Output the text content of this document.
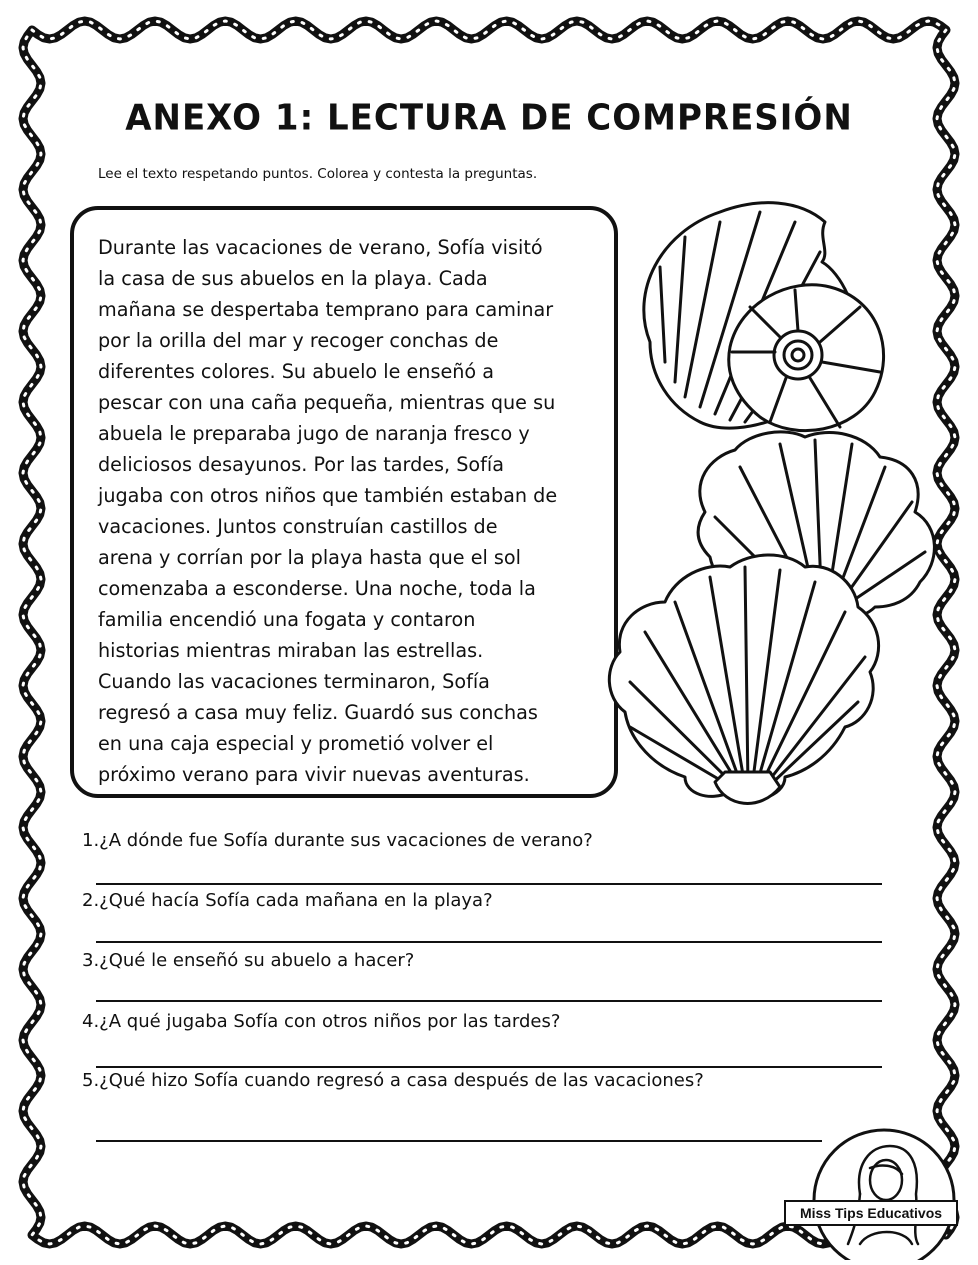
ANEXO 1: LECTURA DE COMPRESIÓN
Lee el texto respetando puntos. Colorea y contesta la preguntas.
Durante las vacaciones de verano, Sofía visitó
la casa de sus abuelos en la playa. Cada
mañana se despertaba temprano para caminar
por la orilla del mar y recoger conchas de
diferentes colores. Su abuelo le enseñó a
pescar con una caña pequeña, mientras que su
abuela le preparaba jugo de naranja fresco y
deliciosos desayunos. Por las tardes, Sofía
jugaba con otros niños que también estaban de
vacaciones. Juntos construían castillos de
arena y corrían por la playa hasta que el sol
comenzaba a esconderse. Una noche, toda la
familia encendió una fogata y contaron
historias mientras miraban las estrellas.
Cuando las vacaciones terminaron, Sofía
regresó a casa muy feliz. Guardó sus conchas
en una caja especial y prometió volver el
próximo verano para vivir nuevas aventuras.
1.¿A dónde fue Sofía durante sus vacaciones de verano?
2.¿Qué hacía Sofía cada mañana en la playa?
3.¿Qué le enseñó su abuelo a hacer?
4.¿A qué jugaba Sofía con otros niños por las tardes?
5.¿Qué hizo Sofía cuando regresó a casa después de las vacaciones?
Miss Tips Educativos
